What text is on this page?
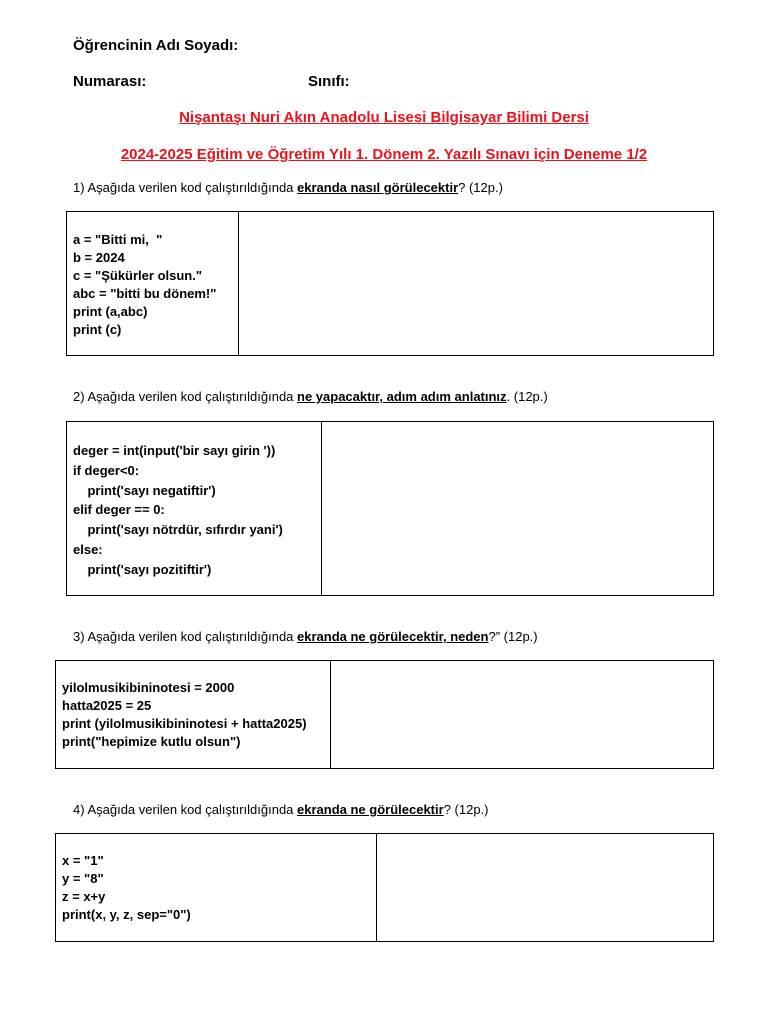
Öğrencinin Adı Soyadı:
Numarası:	Sınıfı:
Nişantaşı Nuri Akın Anadolu Lisesi Bilgisayar Bilimi Dersi
2024-2025 Eğitim ve Öğretim Yılı 1. Dönem 2. Yazılı Sınavı için Deneme 1/2
1) Aşağıda verilen kod çalıştırıldığında ekranda nasıl görülecektir? (12p.)
a = "Bitti mi,  "
b = 2024
c = "Şükürler olsun."
abc = "bitti bu dönem!"
print (a,abc)
print (c)
2) Aşağıda verilen kod çalıştırıldığında ne yapacaktır, adım adım anlatınız. (12p.)
deger = int(input('bir sayı girin '))
if deger<0:
print('sayı negatiftir')
elif deger == 0:
print('sayı nötrdür, sıfırdır yani')
else:
print('sayı pozitiftir')
3) Aşağıda verilen kod çalıştırıldığında ekranda ne görülecektir, neden?” (12p.)
yilolmusikibininotesi = 2000
hatta2025 = 25
print (yilolmusikibininotesi + hatta2025)
print("hepimize kutlu olsun")
4) Aşağıda verilen kod çalıştırıldığında ekranda ne görülecektir? (12p.)
x = "1"
y = "8"
z = x+y
print(x, y, z, sep="0")
